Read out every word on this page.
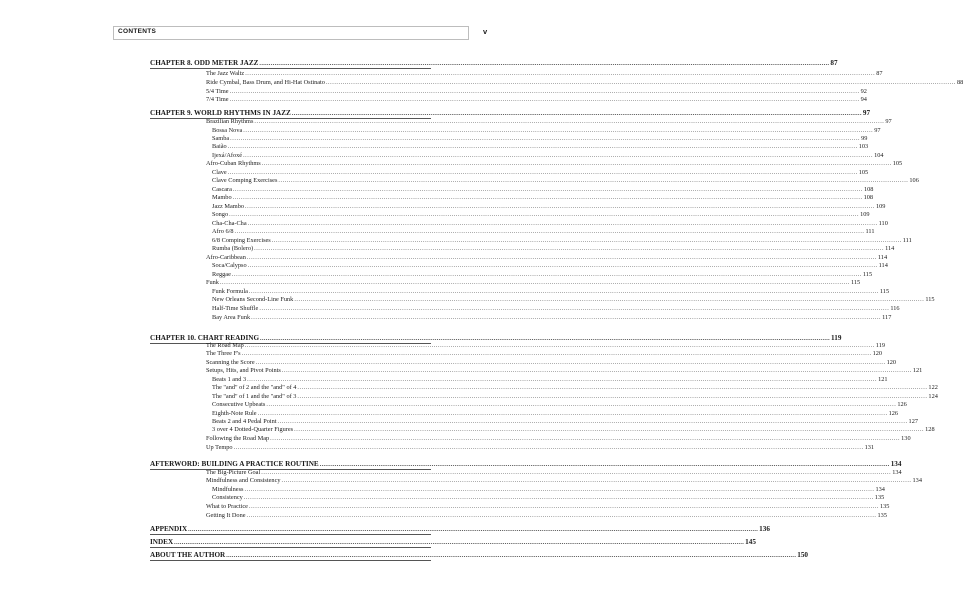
CONTENTS	v
CHAPTER 8. ODD METER JAZZ ............................................................................................................................................................................................................................................................................................................ 87
The Jazz Waltz ............................................................................................................................................................................................................................................................................................................ 87
Ride Cymbal, Bass Drum, and Hi-Hat Ostinato ............................................................................................................................................................................................................................................................................................................ 88
5/4 Time ............................................................................................................................................................................................................................................................................................................ 92
7/4 Time ............................................................................................................................................................................................................................................................................................................ 94
CHAPTER 9. WORLD RHYTHMS IN JAZZ ............................................................................................................................................................................................................................................................................................................ 97
Brazilian Rhythms ............................................................................................................................................................................................................................................................................................................ 97
Bossa Nova ............................................................................................................................................................................................................................................................................................................ 97
Samba ............................................................................................................................................................................................................................................................................................................ 99
Baião ............................................................................................................................................................................................................................................................................................................ 103
Ijexá/Afoxé ............................................................................................................................................................................................................................................................................................................ 104
Afro-Cuban Rhythms ............................................................................................................................................................................................................................................................................................................ 105
Clave ............................................................................................................................................................................................................................................................................................................ 105
Clave Comping Exercises ............................................................................................................................................................................................................................................................................................................ 106
Cascara ............................................................................................................................................................................................................................................................................................................ 108
Mambo ............................................................................................................................................................................................................................................................................................................ 108
Jazz Mambo ............................................................................................................................................................................................................................................................................................................ 109
Songo ............................................................................................................................................................................................................................................................................................................ 109
Cha-Cha-Cha ............................................................................................................................................................................................................................................................................................................ 110
Afro 6/8 ............................................................................................................................................................................................................................................................................................................ 111
6/8 Comping Exercises ............................................................................................................................................................................................................................................................................................................ 111
Rumba (Bolero) ............................................................................................................................................................................................................................................................................................................ 114
Afro-Caribbean ............................................................................................................................................................................................................................................................................................................ 114
Soca/Calypso ............................................................................................................................................................................................................................................................................................................ 114
Reggae ............................................................................................................................................................................................................................................................................................................ 115
Funk ............................................................................................................................................................................................................................................................................................................ 115
Funk Formula ............................................................................................................................................................................................................................................................................................................ 115
New Orleans Second-Line Funk ............................................................................................................................................................................................................................................................................................................ 115
Half-Time Shuffle ............................................................................................................................................................................................................................................................................................................ 116
Bay Area Funk ............................................................................................................................................................................................................................................................................................................ 117
CHAPTER 10. CHART READING ............................................................................................................................................................................................................................................................................................................ 119
The Road Map ............................................................................................................................................................................................................................................................................................................ 119
The Three F's ............................................................................................................................................................................................................................................................................................................ 120
Scanning the Score ............................................................................................................................................................................................................................................................................................................ 120
Setups, Hits, and Pivot Points ............................................................................................................................................................................................................................................................................................................ 121
Beats 1 and 3 ............................................................................................................................................................................................................................................................................................................ 121
The "and" of 2 and the "and" of 4 ............................................................................................................................................................................................................................................................................................................ 122
The "and" of 1 and the "and" of 3 ............................................................................................................................................................................................................................................................................................................ 124
Consecutive Upbeats ............................................................................................................................................................................................................................................................................................................ 126
Eighth-Note Rule ............................................................................................................................................................................................................................................................................................................ 126
Beats 2 and 4 Pedal Point ............................................................................................................................................................................................................................................................................................................ 127
3 over 4 Dotted-Quarter Figures ............................................................................................................................................................................................................................................................................................................ 128
Following the Road Map ............................................................................................................................................................................................................................................................................................................ 130
Up Tempo ............................................................................................................................................................................................................................................................................................................ 131
AFTERWORD: BUILDING A PRACTICE ROUTINE ............................................................................................................................................................................................................................................................................................................ 134
The Big-Picture Goal ............................................................................................................................................................................................................................................................................................................ 134
Mindfulness and Consistency ............................................................................................................................................................................................................................................................................................................ 134
Mindfulness ............................................................................................................................................................................................................................................................................................................ 134
Consistency ............................................................................................................................................................................................................................................................................................................ 135
What to Practice ............................................................................................................................................................................................................................................................................................................ 135
Getting It Done ............................................................................................................................................................................................................................................................................................................ 135
APPENDIX ............................................................................................................................................................................................................................................................................................................ 136
INDEX ............................................................................................................................................................................................................................................................................................................ 145
ABOUT THE AUTHOR ............................................................................................................................................................................................................................................................................................................ 150
